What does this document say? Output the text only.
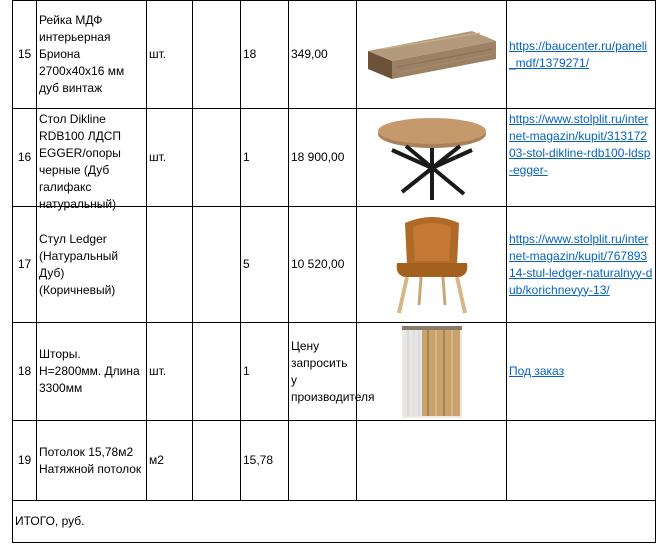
15	Рейка МДФ интерьерная Бриона 2700х40х16 мм дуб винтаж	шт.		18	349,00		https://baucenter.ru/paneli_mdf/1379271/
16	Стол Dikline RDB100 ЛДСП EGGER/опоры черные (Дуб галифакс натуральный)	шт.		1	18 900,00		https://www.stolplit.ru/internet-magazin/kupit/31317203-stol-dikline-rdb100-ldsp-egger-

17	Стул Ledger (Натуральный Дуб) (Коричневый)			5	10 520,00		https://www.stolplit.ru/internet-magazin/kupit/76789314-stul-ledger-naturalnyy-dub/korichnevyy-13/
18	Шторы. Н=2800мм. Длина 3300мм	шт.		1	Цену запросить у производителя		Под заказ
19	Потолок 15,78м2 Натяжной потолок	м2		15,78			
ИТОГО, руб.							
